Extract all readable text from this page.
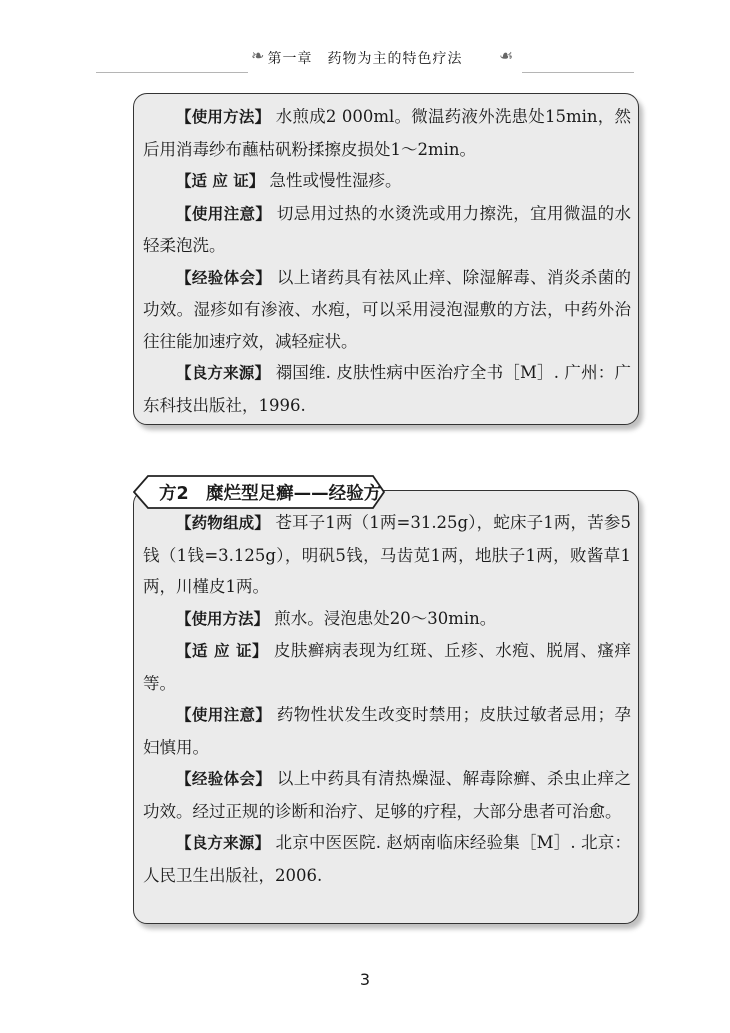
❧ 第一章　药物为主的特色疗法	☙

【使用方法】 水煎成2 000ml。微温药液外洗患处15min，然后用消毒纱布蘸枯矾粉揉擦皮损处1～2min。

【适 应 证】 急性或慢性湿疹。

【使用注意】 切忌用过热的水烫洗或用力擦洗，宜用微温的水轻柔泡洗。

【经验体会】 以上诸药具有祛风止痒、除湿解毒、消炎杀菌的功效。湿疹如有渗液、水疱，可以采用浸泡湿敷的方法，中药外治往往能加速疗效，减轻症状。

【良方来源】 禤国维. 皮肤性病中医治疗全书［M］. 广州：广东科技出版社，1996.

方2　糜烂型足癣——经验方

【药物组成】 苍耳子1两（1两=31.25g），蛇床子1两，苦参5钱（1钱=3.125g），明矾5钱，马齿苋1两，地肤子1两，败酱草1两，川槿皮1两。

【使用方法】 煎水。浸泡患处20～30min。

【适 应 证】 皮肤癣病表现为红斑、丘疹、水疱、脱屑、瘙痒等。

【使用注意】 药物性状发生改变时禁用；皮肤过敏者忌用；孕妇慎用。

【经验体会】 以上中药具有清热燥湿、解毒除癣、杀虫止痒之功效。经过正规的诊断和治疗、足够的疗程，大部分患者可治愈。

【良方来源】 北京中医医院. 赵炳南临床经验集［M］. 北京：人民卫生出版社，2006.

3
